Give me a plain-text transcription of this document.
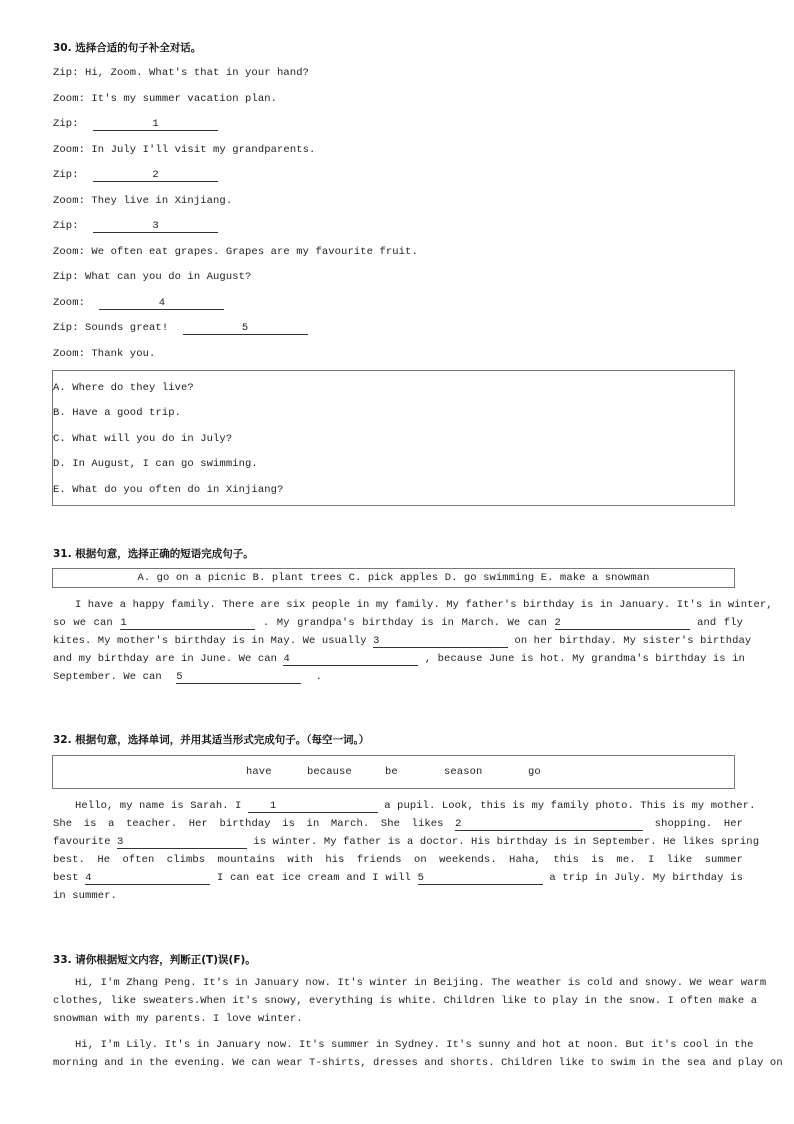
30. 选择合适的句子补全对话。
Zip: Hi, Zoom. What's that in your hand?
Zoom: It's my summer vacation plan.
Zip:	1
Zoom: In July I'll visit my grandparents.
Zip:	2
Zoom: They live in Xinjiang.
Zip:	3
Zoom: We often eat grapes. Grapes are my favourite fruit.
Zip: What can you do in August?
Zoom:	4
Zip: Sounds great!	5
Zoom: Thank you.
A. Where do they live?
B. Have a good trip.
C. What will you do in July?
D. In August, I can go swimming.
E. What do you often do in Xinjiang?
31. 根据句意，选择正确的短语完成句子。
A. go on a picnic B. plant trees C. pick apples D. go swimming E. make a snowman
I have a happy family. There are six people in my family. My father's birthday is in January. It's in winter,
so we can 1	. My grandpa's birthday is in March. We can 2	and fly
kites. My mother's birthday is in May. We usually 3	on her birthday. My sister's birthday
and my birthday are in June. We can 4	, because June is hot. My grandma's birthday is in
September. We can 5	.
32. 根据句意，选择单词，并用其适当形式完成句子。（每空一词。）
have	because	be	season	go
Hello, my name is Sarah. I	1	a pupil. Look, this is my family photo. This is my mother.
She is a teacher. Her birthday is in March. She likes 2	shopping. Her
favourite 3	is winter. My father is a doctor. His birthday is in September. He likes spring
best. He often climbs mountains with his friends on weekends. Haha, this is me. I like summer
best 4	I can eat ice cream and I will 5	a trip in July. My birthday is
in summer.
33. 请你根据短文内容，判断正(T)误(F)。
Hi, I'm Zhang Peng. It's in January now. It's winter in Beijing. The weather is cold and snowy. We wear warm
clothes, like sweaters.When it's snowy, everything is white. Children like to play in the snow. I often make a
snowman with my parents. I love winter.
Hi, I'm Lily. It's in January now. It's summer in Sydney. It's sunny and hot at noon. But it's cool in the
morning and in the evening. We can wear T-shirts, dresses and shorts. Children like to swim in the sea and play on
